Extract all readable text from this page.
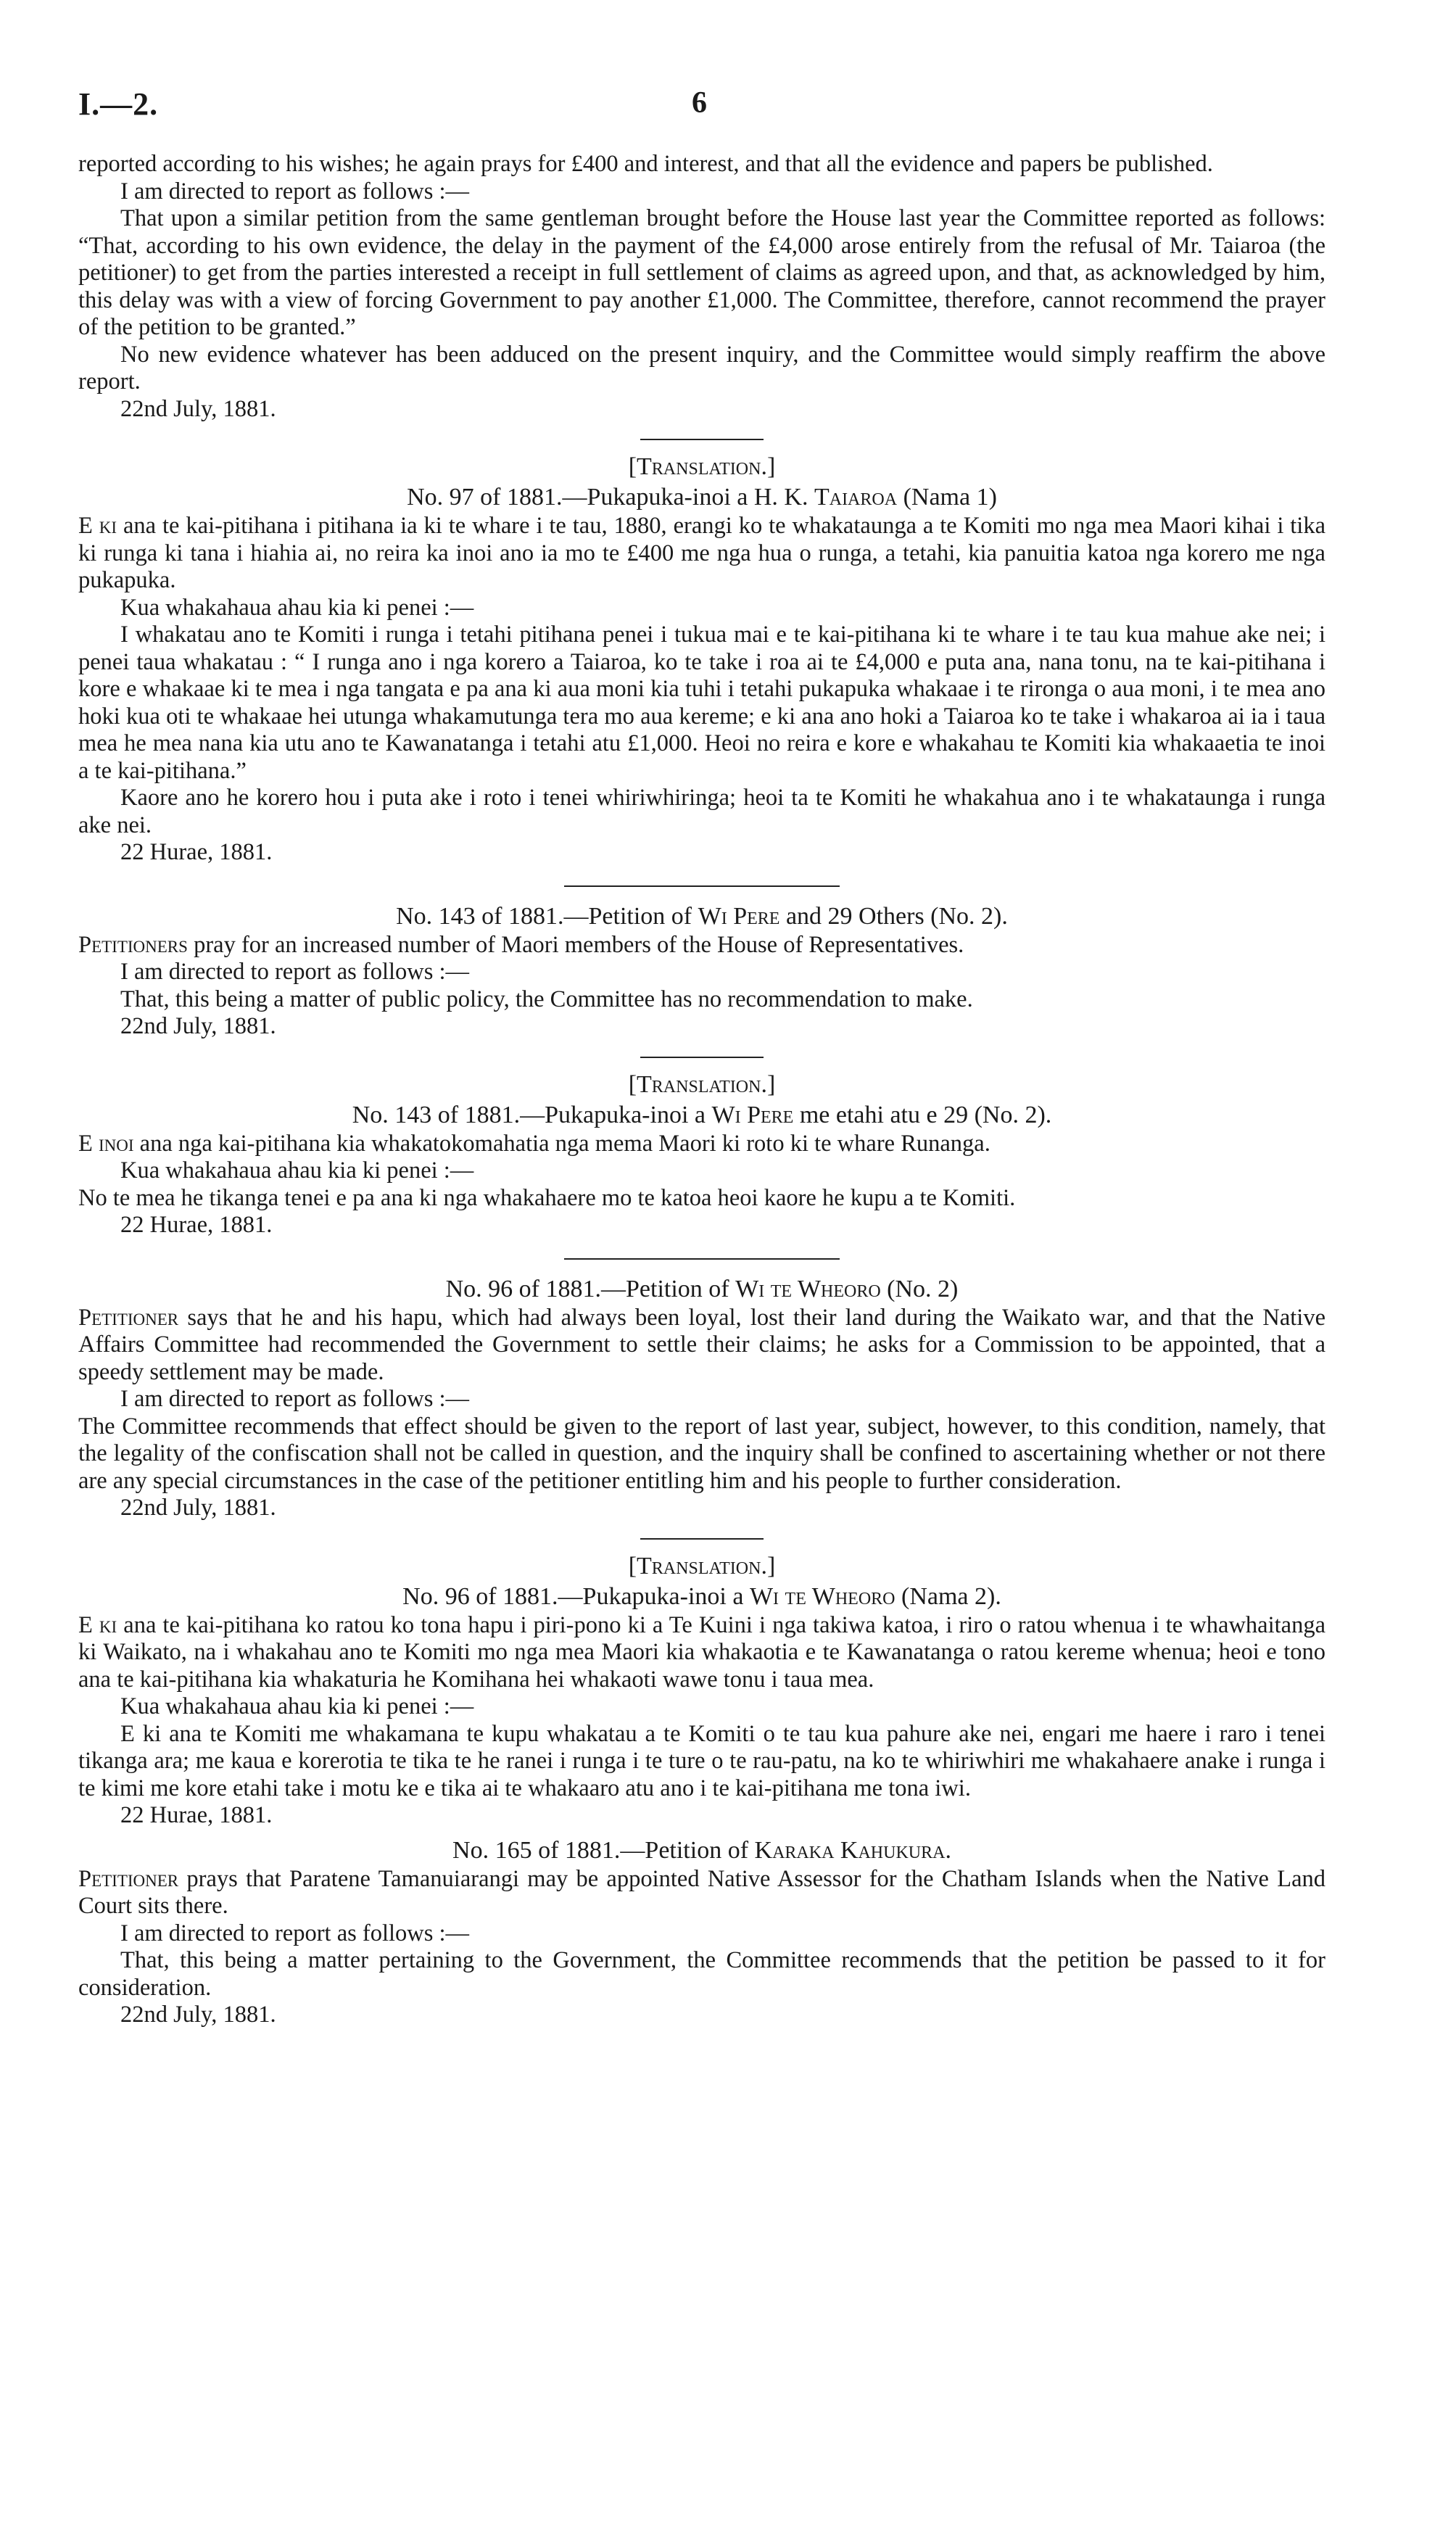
I.—2.	6

reported according to his wishes; he again prays for £400 and interest, and that all the evidence and papers be published.

I am directed to report as follows :—

That upon a similar petition from the same gentleman brought before the House last year the Committee reported as follows: “That, according to his own evidence, the delay in the payment of the £4,000 arose entirely from the refusal of Mr. Taiaroa (the petitioner) to get from the parties interested a receipt in full settlement of claims as agreed upon, and that, as acknowledged by him, this delay was with a view of forcing Government to pay another £1,000. The Committee, therefore, cannot recommend the prayer of the petition to be granted.”

No new evidence whatever has been adduced on the present inquiry, and the Committee would simply reaffirm the above report.

22nd July, 1881.

[Translation.]

No. 97 of 1881.—Pukapuka-inoi a H. K. Taiaroa (Nama 1)

E ki ana te kai-pitihana i pitihana ia ki te whare i te tau, 1880, erangi ko te whakataunga a te Komiti mo nga mea Maori kihai i tika ki runga ki tana i hiahia ai, no reira ka inoi ano ia mo te £400 me nga hua o runga, a tetahi, kia panuitia katoa nga korero me nga pukapuka.

Kua whakahaua ahau kia ki penei :—

I whakatau ano te Komiti i runga i tetahi pitihana penei i tukua mai e te kai-pitihana ki te whare i te tau kua mahue ake nei; i penei taua whakatau : “ I runga ano i nga korero a Taiaroa, ko te take i roa ai te £4,000 e puta ana, nana tonu, na te kai-pitihana i kore e whakaae ki te mea i nga tangata e pa ana ki aua moni kia tuhi i tetahi pukapuka whakaae i te rironga o aua moni, i te mea ano hoki kua oti te whakaae hei utunga whakamutunga tera mo aua kereme; e ki ana ano hoki a Taiaroa ko te take i whakaroa ai ia i taua mea he mea nana kia utu ano te Kawanatanga i tetahi atu £1,000. Heoi no reira e kore e whakahau te Komiti kia whakaaetia te inoi a te kai-pitihana.”

Kaore ano he korero hou i puta ake i roto i tenei whiriwhiringa; heoi ta te Komiti he whakahua ano i te whakataunga i runga ake nei.

22 Hurae, 1881.

No. 143 of 1881.—Petition of Wi Pere and 29 Others (No. 2).

Petitioners pray for an increased number of Maori members of the House of Representatives.

I am directed to report as follows :—

That, this being a matter of public policy, the Committee has no recommendation to make.

22nd July, 1881.

[Translation.]

No. 143 of 1881.—Pukapuka-inoi a Wi Pere me etahi atu e 29 (No. 2).

E inoi ana nga kai-pitihana kia whakatokomahatia nga mema Maori ki roto ki te whare Runanga.

Kua whakahaua ahau kia ki penei :—

No te mea he tikanga tenei e pa ana ki nga whakahaere mo te katoa heoi kaore he kupu a te Komiti.

22 Hurae, 1881.

No. 96 of 1881.—Petition of Wi te Wheoro (No. 2)

Petitioner says that he and his hapu, which had always been loyal, lost their land during the Waikato war, and that the Native Affairs Committee had recommended the Government to settle their claims; he asks for a Commission to be appointed, that a speedy settlement may be made.

I am directed to report as follows :—

The Committee recommends that effect should be given to the report of last year, subject, however, to this condition, namely, that the legality of the confiscation shall not be called in question, and the inquiry shall be confined to ascertaining whether or not there are any special circumstances in the case of the petitioner entitling him and his people to further consideration.

22nd July, 1881.

[Translation.]

No. 96 of 1881.—Pukapuka-inoi a Wi te Wheoro (Nama 2).

E ki ana te kai-pitihana ko ratou ko tona hapu i piri-pono ki a Te Kuini i nga takiwa katoa, i riro o ratou whenua i te whawhaitanga ki Waikato, na i whakahau ano te Komiti mo nga mea Maori kia whakaotia e te Kawanatanga o ratou kereme whenua; heoi e tono ana te kai-pitihana kia whakaturia he Komihana hei whakaoti wawe tonu i taua mea.

Kua whakahaua ahau kia ki penei :—

E ki ana te Komiti me whakamana te kupu whakatau a te Komiti o te tau kua pahure ake nei, engari me haere i raro i tenei tikanga ara; me kaua e korerotia te tika te he ranei i runga i te ture o te rau-patu, na ko te whiriwhiri me whakahaere anake i runga i te kimi me kore etahi take i motu ke e tika ai te whakaaro atu ano i te kai-pitihana me tona iwi.

22 Hurae, 1881.

No. 165 of 1881.—Petition of Karaka Kahukura.

Petitioner prays that Paratene Tamanuiarangi may be appointed Native Assessor for the Chatham Islands when the Native Land Court sits there.

I am directed to report as follows :—

That, this being a matter pertaining to the Government, the Committee recommends that the petition be passed to it for consideration.

22nd July, 1881.
